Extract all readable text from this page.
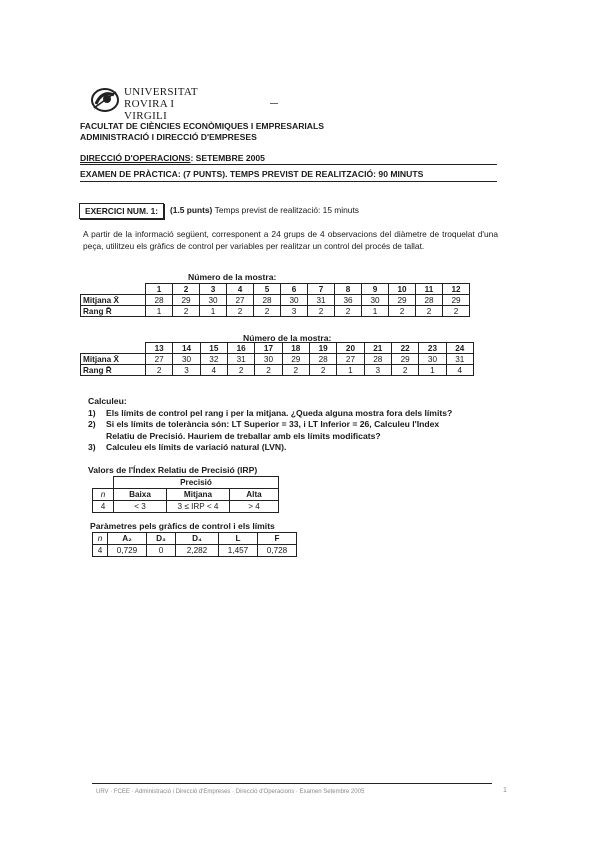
UNIVERSITAT
ROVIRA I VIRGILI
FACULTAT DE CIÈNCIES ECONÒMIQUES I EMPRESARIALS
ADMINISTRACIÓ I DIRECCIÓ D'EMPRESES
DIRECCIÓ D'OPERACIONS: SETEMBRE 2005
EXAMEN DE PRÀCTICA: (7 PUNTS). TEMPS PREVIST DE REALITZACIÓ: 90 MINUTS
EXERCICI NUM. 1:	(1.5 punts) Temps previst de realització: 15 minuts
A partir de la informació següent, corresponent a 24 grups de 4 observacions del diàmetre de troquelat d'una peça, utilitzeu els gràfics de control per variables per realitzar un control del procés de tallat.
Número de la mostra:
	1	2	3	4	5	6	7	8	9	10	11	12
Mitjana X̄	28	29	30	27	28	30	31	36	30	29	28	29
Rang R̄	1	2	1	2	2	3	2	2	1	2	2	2
Número de la mostra:
	13	14	15	16	17	18	19	20	21	22	23	24
Mitjana X̄	27	30	32	31	30	29	28	27	28	29	30	31
Rang R̄	2	3	4	2	2	2	2	1	3	2	1	4
Calculeu:
1) Els límits de control pel rang i per la mitjana. ¿Queda alguna mostra fora dels límits?
2) Si els límits de tolerància són: LT Superior = 33, i LT Inferior = 26, Calculeu l'Index
Relatiu de Precisió. Hauriem de treballar amb els límits modificats?
3) Calculeu els límits de variació natural (LVN).
Valors de l'Índex Relatiu de Precisió (IRP)
	Precisió		
n	Baixa	Mitjana	Alta
4	< 3	3 ≤ IRP < 4	> 4
Paràmetres pels gràfics de control i els límits
n	A₂	D₃	D₄	L	F
4	0,729	0	2,282	1,457	0,728
URV · FCEE · Administració i Direcció d'Empreses · Direcció d'Operacions · Examen Setembre 2005	1
